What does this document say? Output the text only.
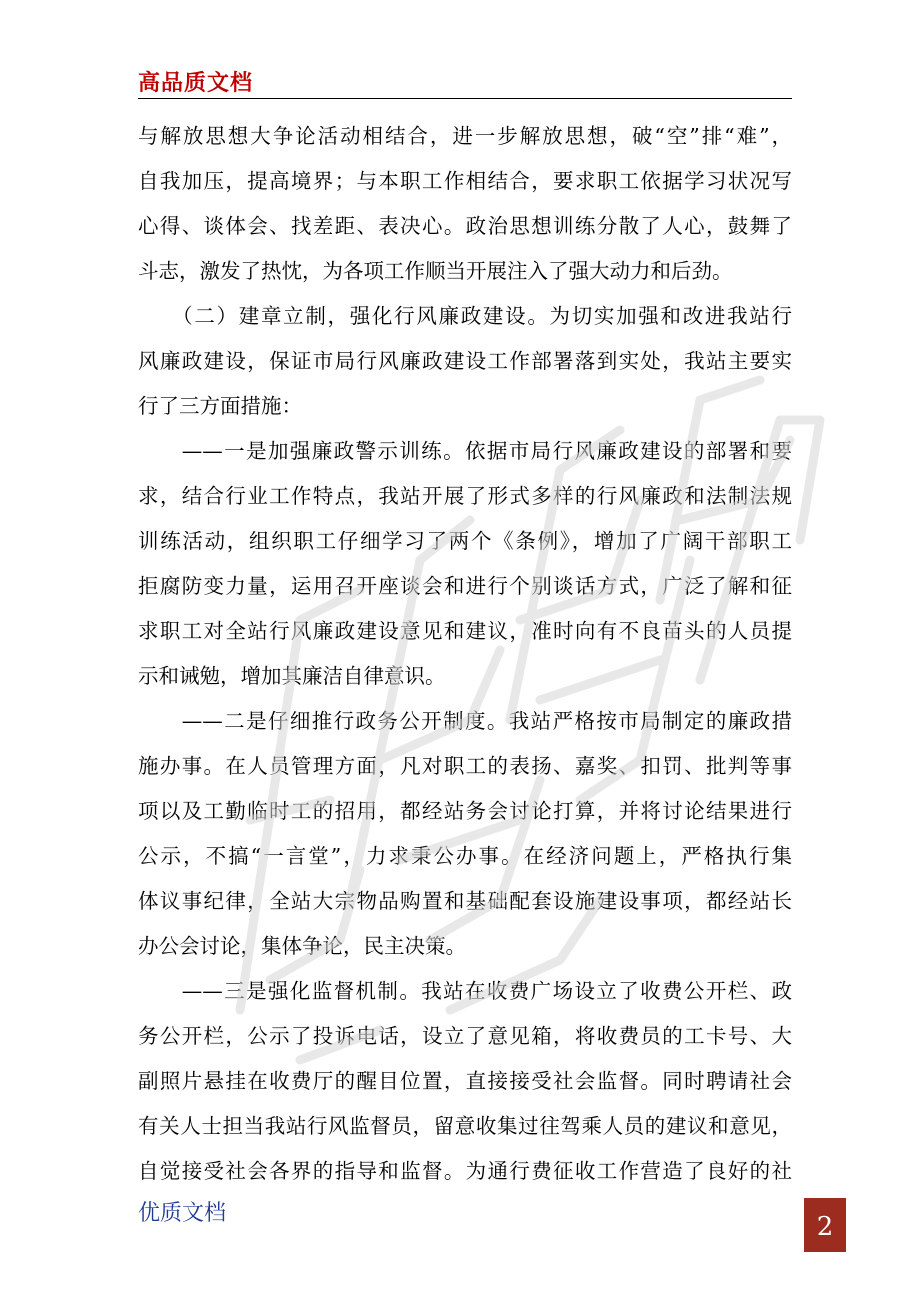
高品质文档
与解放思想大争论活动相结合，进一步解放思想，破“空”排“难”，
自我加压，提高境界；与本职工作相结合，要求职工依据学习状况写
心得、谈体会、找差距、表决心。政治思想训练分散了人心，鼓舞了
斗志，激发了热忱，为各项工作顺当开展注入了强大动力和后劲。
　　（二）建章立制，强化行风廉政建设。为切实加强和改进我站行
风廉政建设，保证市局行风廉政建设工作部署落到实处，我站主要实
行了三方面措施：
　　——一是加强廉政警示训练。依据市局行风廉政建设的部署和要
求，结合行业工作特点，我站开展了形式多样的行风廉政和法制法规
训练活动，组织职工仔细学习了两个《条例》，增加了广阔干部职工
拒腐防变力量，运用召开座谈会和进行个别谈话方式，广泛了解和征
求职工对全站行风廉政建设意见和建议，准时向有不良苗头的人员提
示和诫勉，增加其廉洁自律意识。
　　——二是仔细推行政务公开制度。我站严格按市局制定的廉政措
施办事。在人员管理方面，凡对职工的表扬、嘉奖、扣罚、批判等事
项以及工勤临时工的招用，都经站务会讨论打算，并将讨论结果进行
公示，不搞“一言堂”，力求秉公办事。在经济问题上，严格执行集
体议事纪律，全站大宗物品购置和基础配套设施建设事项，都经站长
办公会讨论，集体争论，民主决策。
　　——三是强化监督机制。我站在收费广场设立了收费公开栏、政
务公开栏，公示了投诉电话，设立了意见箱，将收费员的工卡号、大
副照片悬挂在收费厅的醒目位置，直接接受社会监督。同时聘请社会
有关人士担当我站行风监督员，留意收集过往驾乘人员的建议和意见，
自觉接受社会各界的指导和监督。为通行费征收工作营造了良好的社
优质文档	2
